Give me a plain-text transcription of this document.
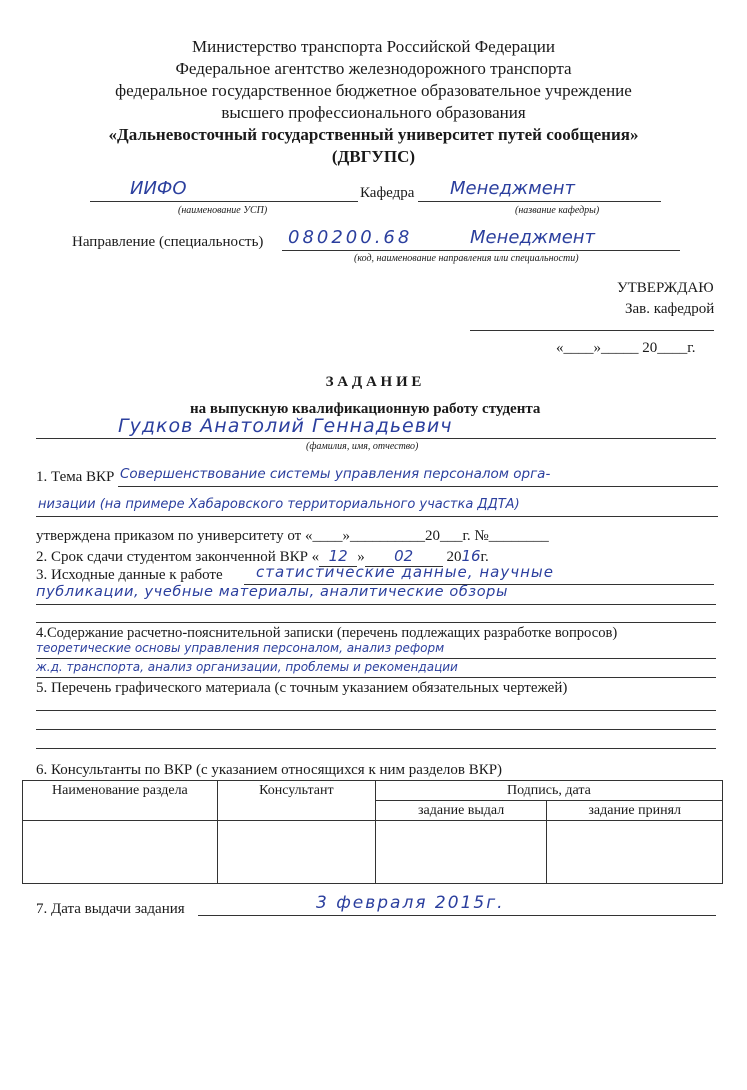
Министерство транспорта Российской Федерации
Федеральное агентство железнодорожного транспорта
федеральное государственное бюджетное образовательное учреждение
высшего профессионального образования
«Дальневосточный государственный университет путей сообщения»
(ДВГУПС)
ИИФО
(наименование УСП)
Кафедра Менеджмент
(название кафедры)
Направление (специальность) 080200.68	Менеджмент
(код, наименование направления или специальности)
УТВЕРЖДАЮ
Зав. кафедрой
«____»_____ 20____г.
З А Д А Н И Е
на выпускную квалификационную работу студента
Гудков Анатолий Геннадьевич
(фамилия, имя, отчество)
1. Тема ВКР Совершенствование системы управления персоналом орга-
низации (на примере Хабаровского территориального участка ДДТА)
утверждена приказом по университету от «____»__________20___г. №________
2. Срок сдачи студентом законченной ВКР « 12 » 02 2016г.
3. Исходные данные к работе статистические данные, научные
публикации, учебные материалы, аналитические обзоры
4.Содержание расчетно-пояснительной записки (перечень подлежащих разработке вопросов)
теоретические основы управления персоналом, анализ реформ
ж.д. транспорта, анализ организации, проблемы и рекомендации
5. Перечень графического материала (с точным указанием обязательных чертежей)
6. Консультанты по ВКР (с указанием относящихся к ним разделов ВКР)
Наименование раздела	Консультант	Подпись, дата	
		задание выдал	задание принял

7. Дата выдачи задания	3 февраля 2015г.
